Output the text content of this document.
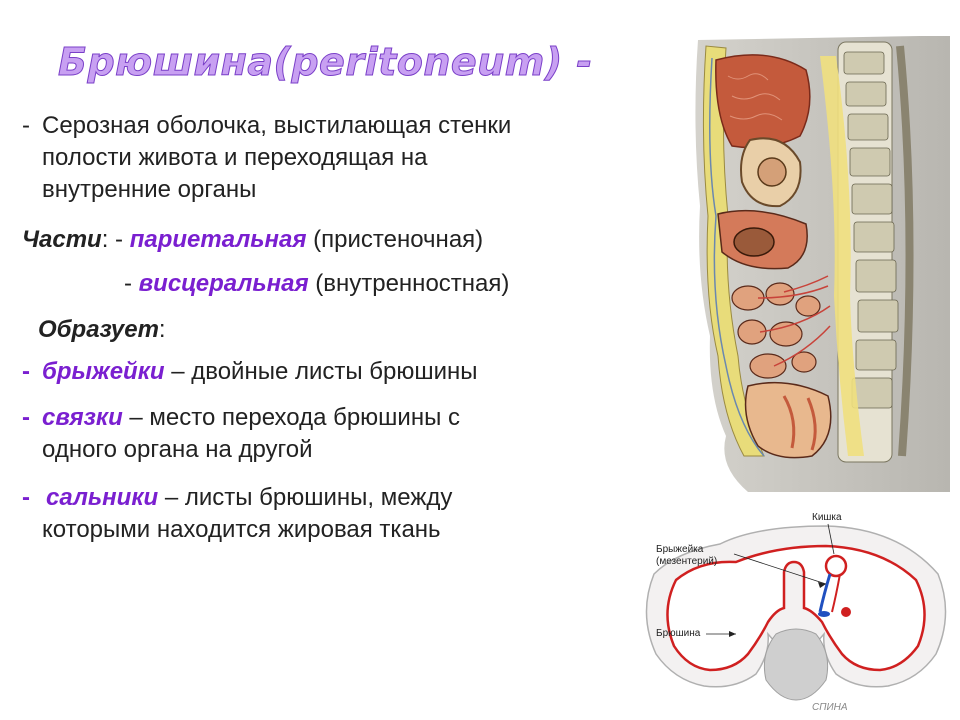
Брюшина(peritoneum) -
- Серозная оболочка, выстилающая стенки
полости живота и переходящая на
внутренние органы
Части: - париетальная (пристеночная)
- висцеральная (внутренностная)
Образует:
- брыжейки – двойные листы брюшины
- связки – место перехода брюшины с
одного органа на другой
- сальники – листы брюшины, между
которыми находится жировая ткань	Кишка
Брыжейка
(мезентерий)
Брюшина
СПИНА
